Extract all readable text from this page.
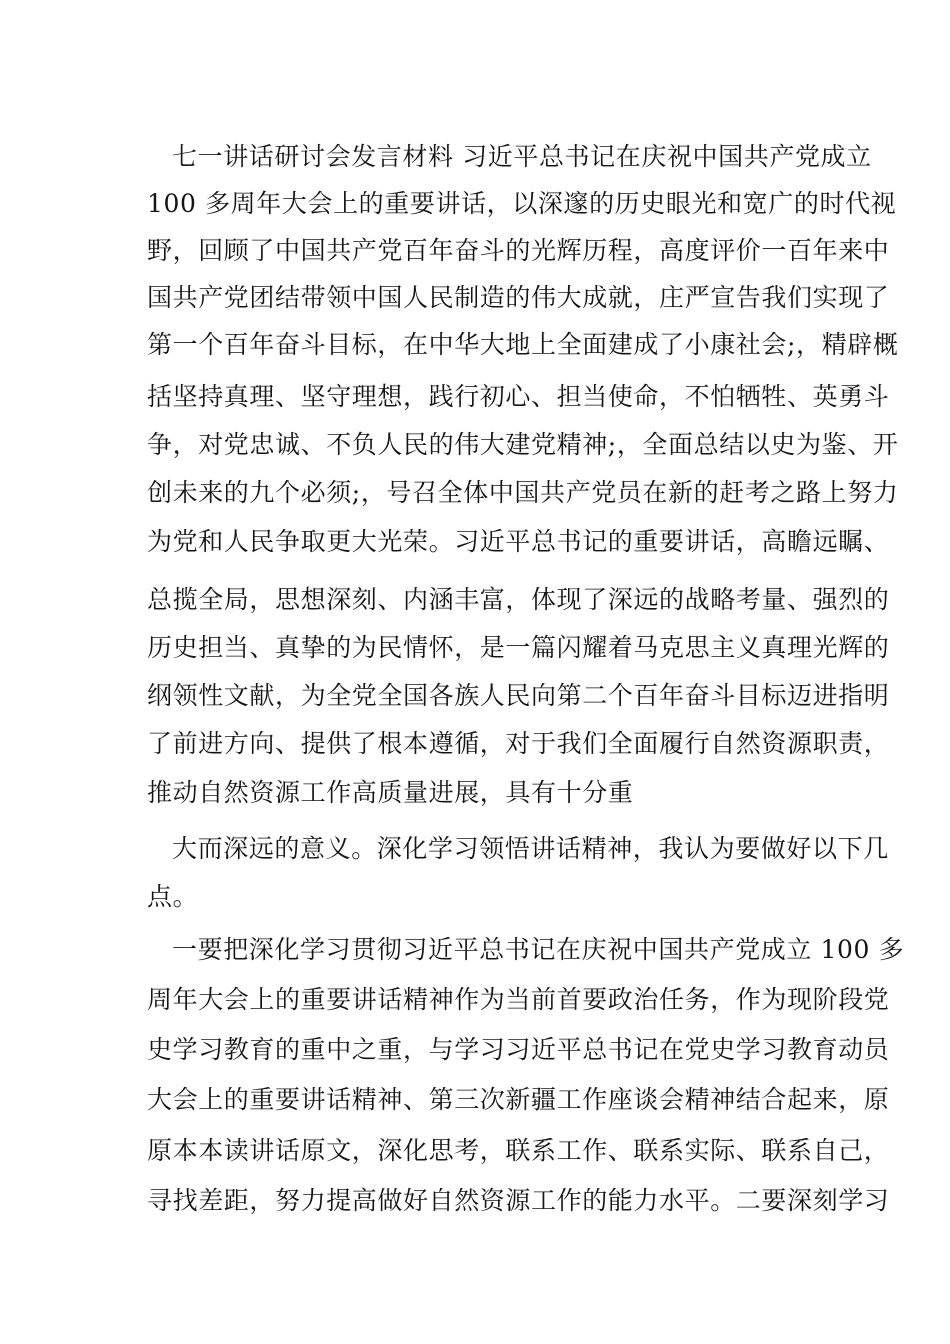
七一讲话研讨会发言材料 习近平总书记在庆祝中国共产党成立
100 多周年大会上的重要讲话，以深邃的历史眼光和宽广的时代视
野，回顾了中国共产党百年奋斗的光辉历程，高度评价一百年来中
国共产党团结带领中国人民制造的伟大成就，庄严宣告我们实现了
第一个百年奋斗目标，在中华大地上全面建成了小康社会;，精辟概
括坚持真理、坚守理想，践行初心、担当使命，不怕牺牲、英勇斗
争，对党忠诚、不负人民的伟大建党精神;，全面总结以史为鉴、开
创未来的九个必须;，号召全体中国共产党员在新的赶考之路上努力
为党和人民争取更大光荣。习近平总书记的重要讲话，高瞻远瞩、
总揽全局，思想深刻、内涵丰富，体现了深远的战略考量、强烈的
历史担当、真挚的为民情怀，是一篇闪耀着马克思主义真理光辉的
纲领性文献，为全党全国各族人民向第二个百年奋斗目标迈进指明
了前进方向、提供了根本遵循，对于我们全面履行自然资源职责，
推动自然资源工作高质量进展，具有十分重
大而深远的意义。深化学习领悟讲话精神，我认为要做好以下几
点。
一要把深化学习贯彻习近平总书记在庆祝中国共产党成立 100 多
周年大会上的重要讲话精神作为当前首要政治任务，作为现阶段党
史学习教育的重中之重，与学习习近平总书记在党史学习教育动员
大会上的重要讲话精神、第三次新疆工作座谈会精神结合起来，原
原本本读讲话原文，深化思考，联系工作、联系实际、联系自己，
寻找差距，努力提高做好自然资源工作的能力水平。二要深刻学习
